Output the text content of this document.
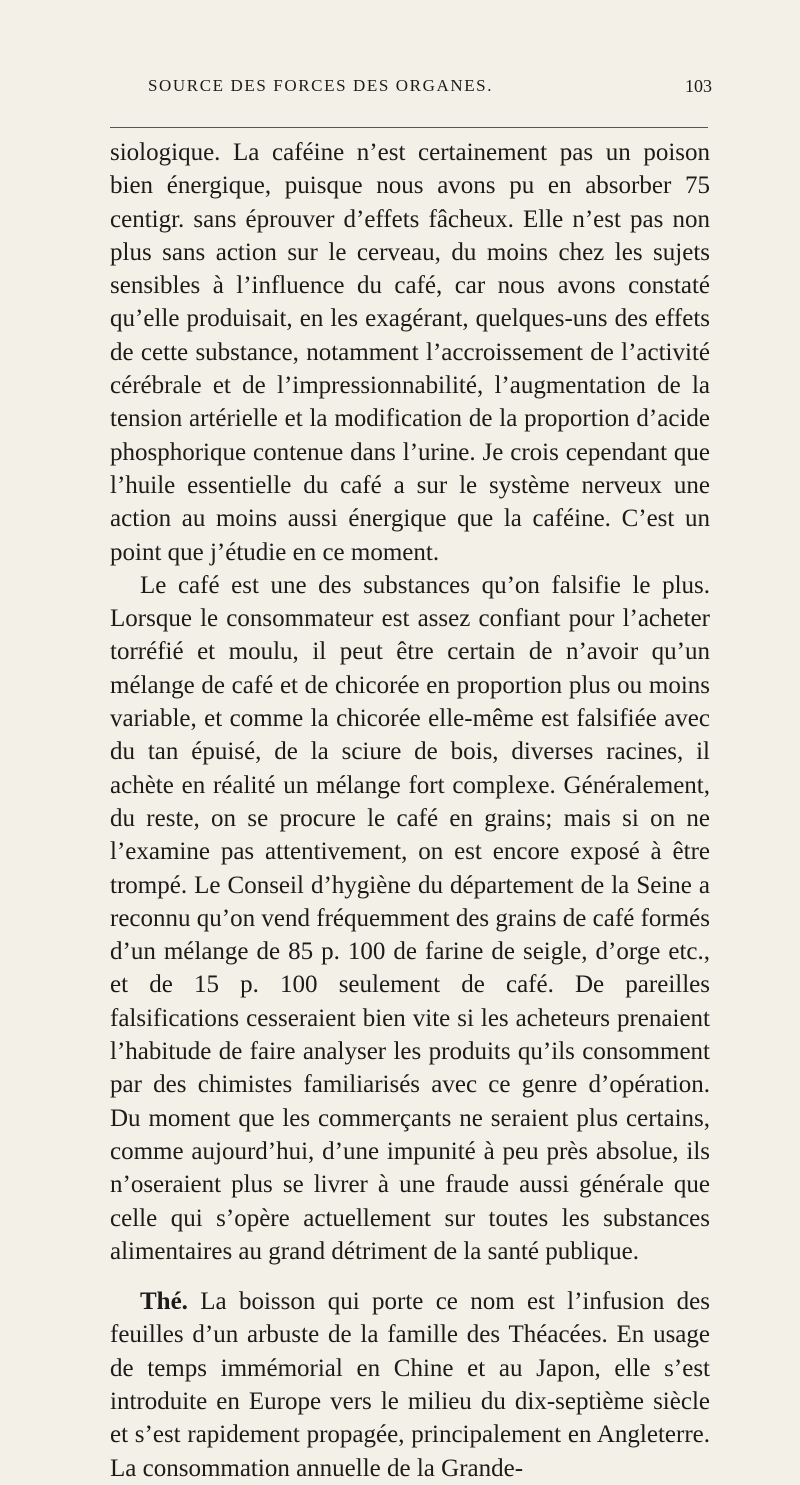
SOURCE DES FORCES DES ORGANES.	103

siologique. La caféine n’est certainement pas un poison bien énergique, puisque nous avons pu en absorber 75 centigr. sans éprouver d’effets fâcheux. Elle n’est pas non plus sans action sur le cerveau, du moins chez les sujets sensibles à l’influence du café, car nous avons constaté qu’elle produisait, en les exagérant, quelques-uns des effets de cette substance, notamment l’accroissement de l’activité cérébrale et de l’impressionnabilité, l’augmentation de la tension artérielle et la modification de la proportion d’acide phosphorique contenue dans l’urine. Je crois cependant que l’huile essentielle du café a sur le système nerveux une action au moins aussi énergique que la caféine. C’est un point que j’étudie en ce moment.

Le café est une des substances qu’on falsifie le plus. Lorsque le consommateur est assez confiant pour l’acheter torréfié et moulu, il peut être certain de n’avoir qu’un mélange de café et de chicorée en proportion plus ou moins variable, et comme la chicorée elle-même est falsifiée avec du tan épuisé, de la sciure de bois, diverses racines, il achète en réalité un mélange fort complexe. Généralement, du reste, on se procure le café en grains; mais si on ne l’examine pas attentivement, on est encore exposé à être trompé. Le Conseil d’hygiène du département de la Seine a reconnu qu’on vend fréquemment des grains de café formés d’un mélange de 85 p. 100 de farine de seigle, d’orge etc., et de 15 p. 100 seulement de café. De pareilles falsifications cesseraient bien vite si les acheteurs prenaient l’habitude de faire analyser les produits qu’ils consomment par des chimistes familiarisés avec ce genre d’opération. Du moment que les commerçants ne seraient plus certains, comme aujourd’hui, d’une impunité à peu près absolue, ils n’oseraient plus se livrer à une fraude aussi générale que celle qui s’opère actuellement sur toutes les substances alimentaires au grand détriment de la santé publique.

Thé. La boisson qui porte ce nom est l’infusion des feuilles d’un arbuste de la famille des Théacées. En usage de temps immémorial en Chine et au Japon, elle s’est introduite en Europe vers le milieu du dix-septième siècle et s’est rapidement propagée, principalement en Angleterre. La consommation annuelle de la Grande-
